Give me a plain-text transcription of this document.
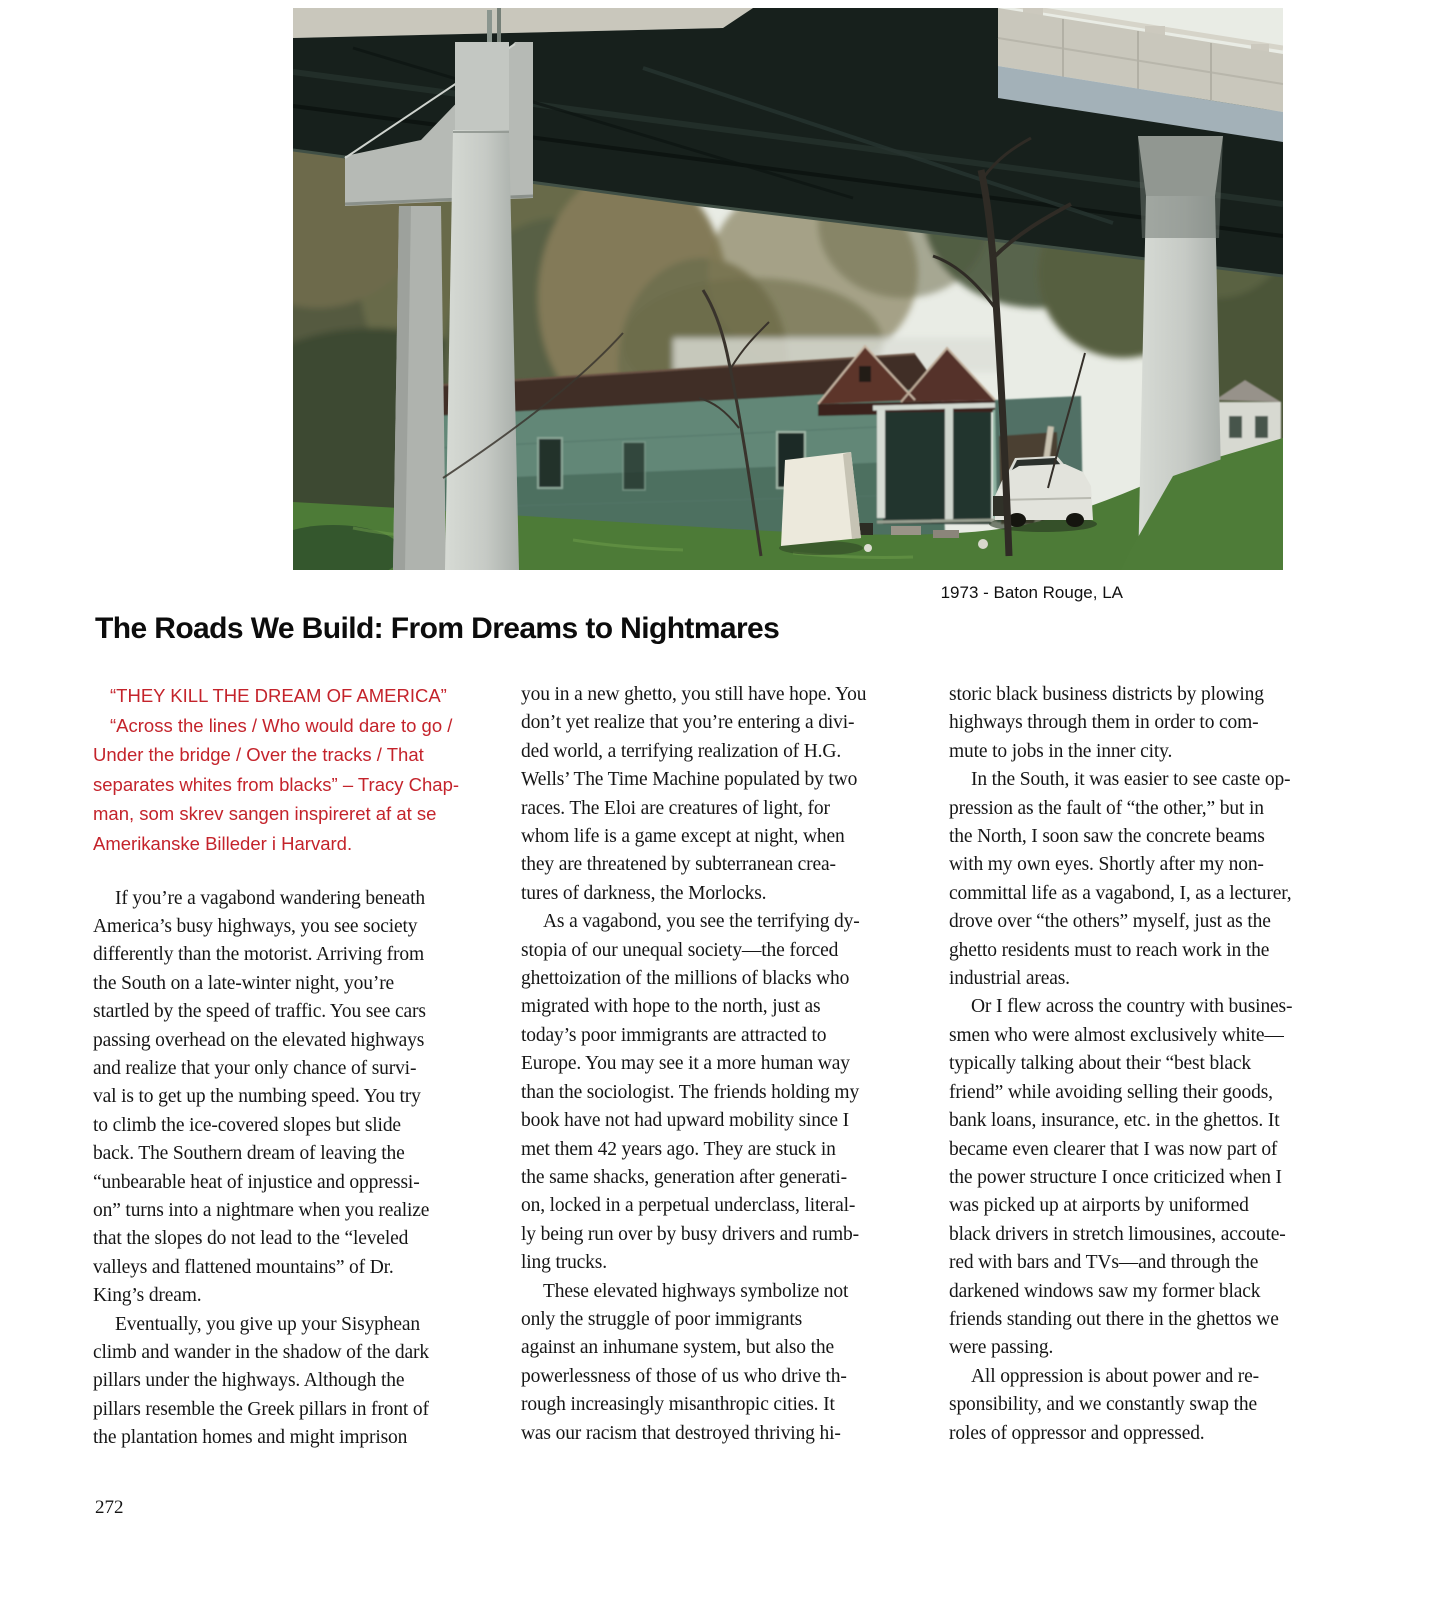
1973 - Baton Rouge, LA
The Roads We Build: From Dreams to Nightmares
“THEY KILL THE DREAM OF AMERICA”
“Across the lines / Who would dare to go /
Under the bridge / Over the tracks / That
separates whites from blacks” – Tracy Chap-
man, som skrev sangen inspireret af at se
Amerikanske Billeder i Harvard.
If you’re a vagabond wandering beneath
America’s busy highways, you see society
differently than the motorist. Arriving from
the South on a late-winter night, you’re
startled by the speed of traffic. You see cars
passing overhead on the elevated highways
and realize that your only chance of survi-
val is to get up the numbing speed. You try
to climb the ice-covered slopes but slide
back. The Southern dream of leaving the
“unbearable heat of injustice and oppressi-
on” turns into a nightmare when you realize
that the slopes do not lead to the “leveled
valleys and flattened mountains” of Dr.
King’s dream.
Eventually, you give up your Sisyphean
climb and wander in the shadow of the dark
pillars under the highways. Although the
pillars resemble the Greek pillars in front of
the plantation homes and might imprison
you in a new ghetto, you still have hope. You
don’t yet realize that you’re entering a divi-
ded world, a terrifying realization of H.G.
Wells’ The Time Machine populated by two
races. The Eloi are creatures of light, for
whom life is a game except at night, when
they are threatened by subterranean crea-
tures of darkness, the Morlocks.
As a vagabond, you see the terrifying dy-
stopia of our unequal society—the forced
ghettoization of the millions of blacks who
migrated with hope to the north, just as
today’s poor immigrants are attracted to
Europe. You may see it a more human way
than the sociologist. The friends holding my
book have not had upward mobility since I
met them 42 years ago. They are stuck in
the same shacks, generation after generati-
on, locked in a perpetual underclass, literal-
ly being run over by busy drivers and rumb-
ling trucks.
These elevated highways symbolize not
only the struggle of poor immigrants
against an inhumane system, but also the
powerlessness of those of us who drive th-
rough increasingly misanthropic cities. It
was our racism that destroyed thriving hi-
storic black business districts by plowing
highways through them in order to com-
mute to jobs in the inner city.
In the South, it was easier to see caste op-
pression as the fault of “the other,” but in
the North, I soon saw the concrete beams
with my own eyes. Shortly after my non-
committal life as a vagabond, I, as a lecturer,
drove over “the others” myself, just as the
ghetto residents must to reach work in the
industrial areas.
Or I flew across the country with busines-
smen who were almost exclusively white—
typically talking about their “best black
friend” while avoiding selling their goods,
bank loans, insurance, etc. in the ghettos. It
became even clearer that I was now part of
the power structure I once criticized when I
was picked up at airports by uniformed
black drivers in stretch limousines, accoute-
red with bars and TVs—and through the
darkened windows saw my former black
friends standing out there in the ghettos we
were passing.
All oppression is about power and re-
sponsibility, and we constantly swap the
roles of oppressor and oppressed.
272
